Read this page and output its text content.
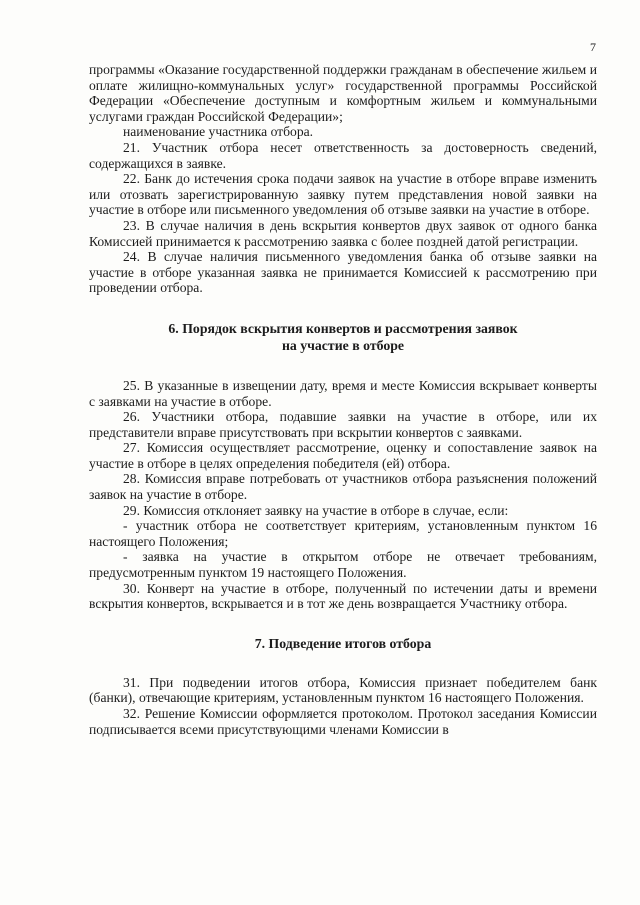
7

программы «Оказание государственной поддержки гражданам в обеспечение жильем и оплате жилищно-коммунальных услуг» государственной программы Российской Федерации «Обеспечение доступным и комфортным жильем и коммунальными услугами граждан Российской Федерации»;

наименование участника отбора.

21. Участник отбора несет ответственность за достоверность сведений, содержащихся в заявке.

22. Банк до истечения срока подачи заявок на участие в отборе вправе изменить или отозвать зарегистрированную заявку путем представления новой заявки на участие в отборе или письменного уведомления об отзыве заявки на участие в отборе.

23. В случае наличия в день вскрытия конвертов двух заявок от одного банка Комиссией принимается к рассмотрению заявка с более поздней датой регистрации.

24. В случае наличия письменного уведомления банка об отзыве заявки на участие в отборе указанная заявка не принимается Комиссией к рассмотрению при проведении отбора.

6. Порядок вскрытия конвертов и рассмотрения заявок
на участие в отборе

25. В указанные в извещении дату, время и месте Комиссия вскрывает конверты с заявками на участие в отборе.

26. Участники отбора, подавшие заявки на участие в отборе, или их представители вправе присутствовать при вскрытии конвертов с заявками.

27. Комиссия осуществляет рассмотрение, оценку и сопоставление заявок на участие в отборе в целях определения победителя (ей) отбора.

28. Комиссия вправе потребовать от участников отбора разъяснения положений заявок на участие в отборе.

29. Комиссия отклоняет заявку на участие в отборе в случае, если:

- участник отбора не соответствует критериям, установленным пунктом 16 настоящего Положения;

- заявка на участие в открытом отборе не отвечает требованиям, предусмотренным пунктом 19 настоящего Положения.

30. Конверт на участие в отборе, полученный по истечении даты и времени вскрытия конвертов, вскрывается и в тот же день возвращается Участнику отбора.

7. Подведение итогов отбора

31. При подведении итогов отбора, Комиссия признает победителем банк (банки), отвечающие критериям, установленным пунктом 16 настоящего Положения.

32. Решение Комиссии оформляется протоколом. Протокол заседания Комиссии подписывается всеми присутствующими членами Комиссии в
